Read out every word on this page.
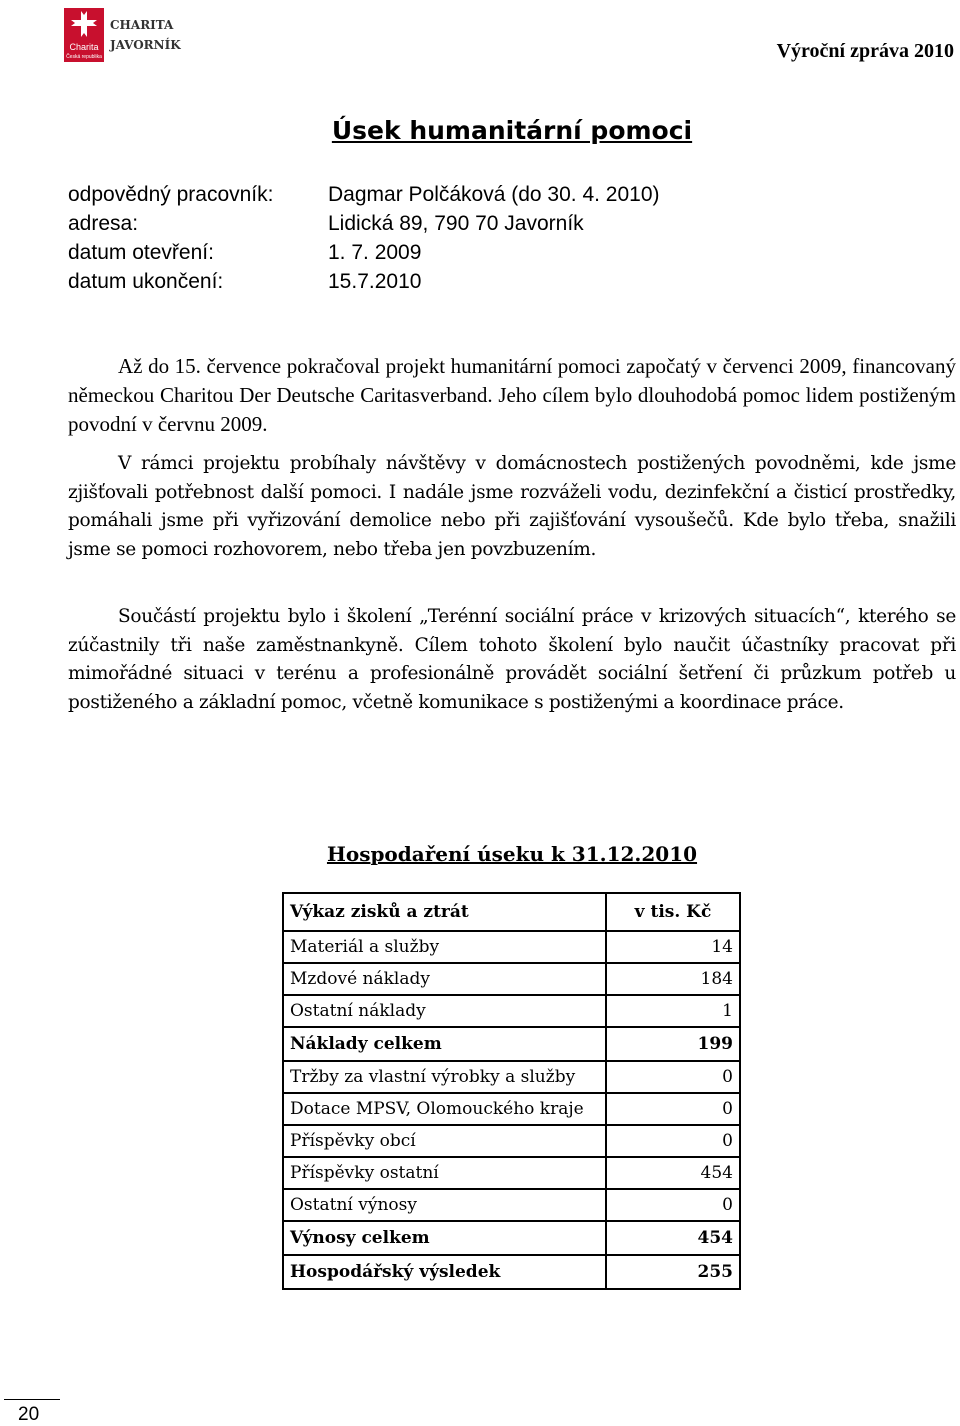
Charita
Česká republika
CHARITA
JAVORNÍK	Výroční zpráva 2010
Úsek humanitární pomoci
odpovědný pracovník:	Dagmar Polčáková (do 30. 4. 2010)
adresa:	Lidická 89, 790 70 Javorník
datum otevření:	1. 7. 2009
datum ukončení:	15.7.2010

Až do 15. července pokračoval projekt humanitární pomoci započatý v červenci 2009, financovaný německou Charitou Der Deutsche Caritasverband. Jeho cílem bylo dlouhodobá pomoc lidem postiženým povodní v červnu 2009.

V rámci projektu probíhaly návštěvy v domácnostech postižených povodněmi, kde jsme zjišťovali potřebnost další pomoci. I nadále jsme rozváželi vodu, dezinfekční a čisticí prostředky, pomáhali jsme při vyřizování demolice nebo při zajišťování vysoušečů. Kde bylo třeba, snažili jsme se pomoci rozhovorem, nebo třeba jen povzbuzením.

Součástí projektu bylo i školení „Terénní sociální práce v krizových situacích“, kterého se zúčastnily tři naše zaměstnankyně. Cílem tohoto školení bylo naučit účastníky pracovat při mimořádné situaci v terénu a profesionálně provádět sociální šetření či průzkum potřeb u postiženého a základní pomoc, včetně komunikace s postiženými a koordinace práce.

Hospodaření úseku k 31.12.2010
Výkaz zisků a ztrát	v tis. Kč
Materiál a služby	14
Mzdové náklady	184
Ostatní náklady	1
Náklady celkem	199
Tržby za vlastní výrobky a služby	0
Dotace MPSV, Olomouckého kraje	0
Příspěvky obcí	0
Příspěvky ostatní	454
Ostatní výnosy	0
Výnosy celkem	454
Hospodářský výsledek	255
20
